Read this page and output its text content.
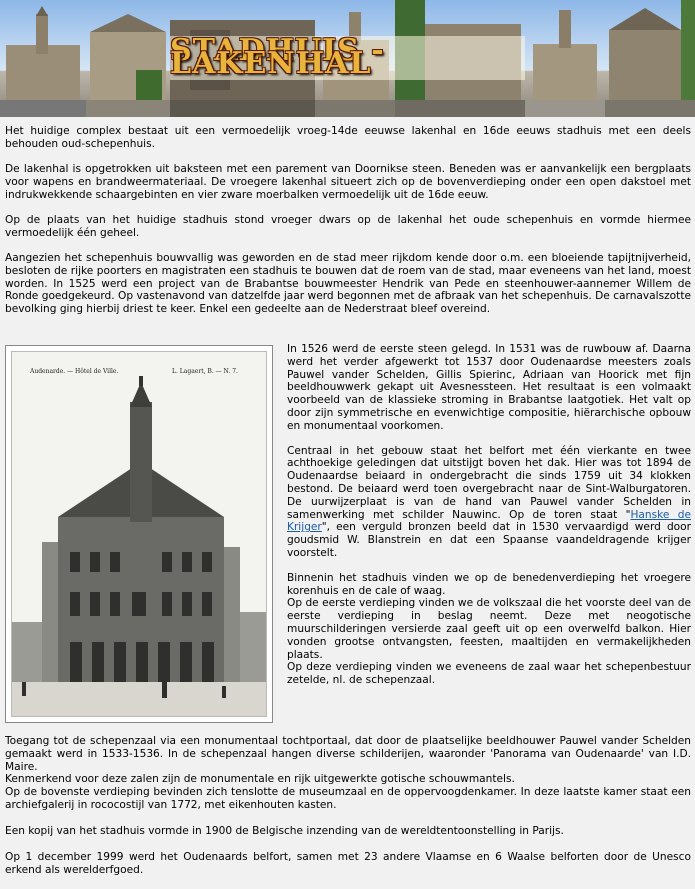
STADHUIS - LAKENHAL

Het huidige complex bestaat uit een vermoedelijk vroeg-14de eeuwse lakenhal en 16de eeuws stadhuis met een deels behouden oud-schepenhuis.

De lakenhal is opgetrokken uit baksteen met een parement van Doornikse steen. Beneden was er aanvankelijk een bergplaats voor wapens en brandweermateriaal. De vroegere lakenhal situeert zich op de bovenverdieping onder een open dakstoel met indrukwekkende schaargebinten en vier zware moerbalken vermoedelijk uit de 16de eeuw.

Op de plaats van het huidige stadhuis stond vroeger dwars op de lakenhal het oude schepenhuis en vormde hiermee vermoedelijk één geheel.

Aangezien het schepenhuis bouwvallig was geworden en de stad meer rijkdom kende door o.m. een bloeiende tapijtnijverheid, besloten de rijke poorters en magistraten een stadhuis te bouwen dat de roem van de stad, maar eveneens van het land, moest worden. In 1525 werd een project van de Brabantse bouwmeester Hendrik van Pede en steenhouwer-aannemer Willem de Ronde goedgekeurd. Op vastenavond van datzelfde jaar werd begonnen met de afbraak van het schepenhuis. De carnavalszotte bevolking ging hierbij driest te keer. Enkel een gedeelte aan de Nederstraat bleef overeind.

Audenarde. — Hôtel de Ville.	L. Lagaert, B. — N. 7.

In 1526 werd de eerste steen gelegd. In 1531 was de ruwbouw af. Daarna werd het verder afgewerkt tot 1537 door Oudenaardse meesters zoals Pauwel vander Schelden, Gillis Spierinc, Adriaan van Hoorick met fijn beeldhouwwerk gekapt uit Avesnessteen. Het resultaat is een volmaakt voorbeeld van de klassieke stroming in Brabantse laatgotiek. Het valt op door zijn symmetrische en evenwichtige compositie, hiërarchische opbouw en monumentaal voorkomen.

Centraal in het gebouw staat het belfort met één vierkante en twee achthoekige geledingen dat uitstijgt boven het dak. Hier was tot 1894 de Oudenaardse beiaard in ondergebracht die sinds 1759 uit 34 klokken bestond. De beiaard werd toen overgebracht naar de Sint-Walburgatoren. De uurwijzerplaat is van de hand van Pauwel vander Schelden in samenwerking met schilder Nauwinc. Op de toren staat "Hanske de Krijger", een verguld bronzen beeld dat in 1530 vervaardigd werd door goudsmid W. Blanstrein en dat een Spaanse vaandeldragende krijger voorstelt.

Binnenin het stadhuis vinden we op de benedenverdieping het vroegere korenhuis en de cale of waag.
Op de eerste verdieping vinden we de volkszaal die het voorste deel van de eerste verdieping in beslag neemt. Deze met neogotische muurschilderingen versierde zaal geeft uit op een overwelfd balkon. Hier vonden grootse ontvangsten, feesten, maaltijden en vermakelijkheden plaats.
Op deze verdieping vinden we eveneens de zaal waar het schepenbestuur zetelde, nl. de schepenzaal.

Toegang tot de schepenzaal via een monumentaal tochtportaal, dat door de plaatselijke beeldhouwer Pauwel vander Schelden gemaakt werd in 1533-1536. In de schepenzaal hangen diverse schilderijen, waaronder 'Panorama van Oudenaarde' van I.D. Maire.
Kenmerkend voor deze zalen zijn de monumentale en rijk uitgewerkte gotische schouwmantels.
Op de bovenste verdieping bevinden zich tenslotte de museumzaal en de oppervoogdenkamer. In deze laatste kamer staat een archiefgalerij in rococostijl van 1772, met eikenhouten kasten.

Een kopij van het stadhuis vormde in 1900 de Belgische inzending van de wereldtentoonstelling in Parijs.

Op 1 december 1999 werd het Oudenaards belfort, samen met 23 andere Vlaamse en 6 Waalse belforten door de Unesco erkend als werelderfgoed.
